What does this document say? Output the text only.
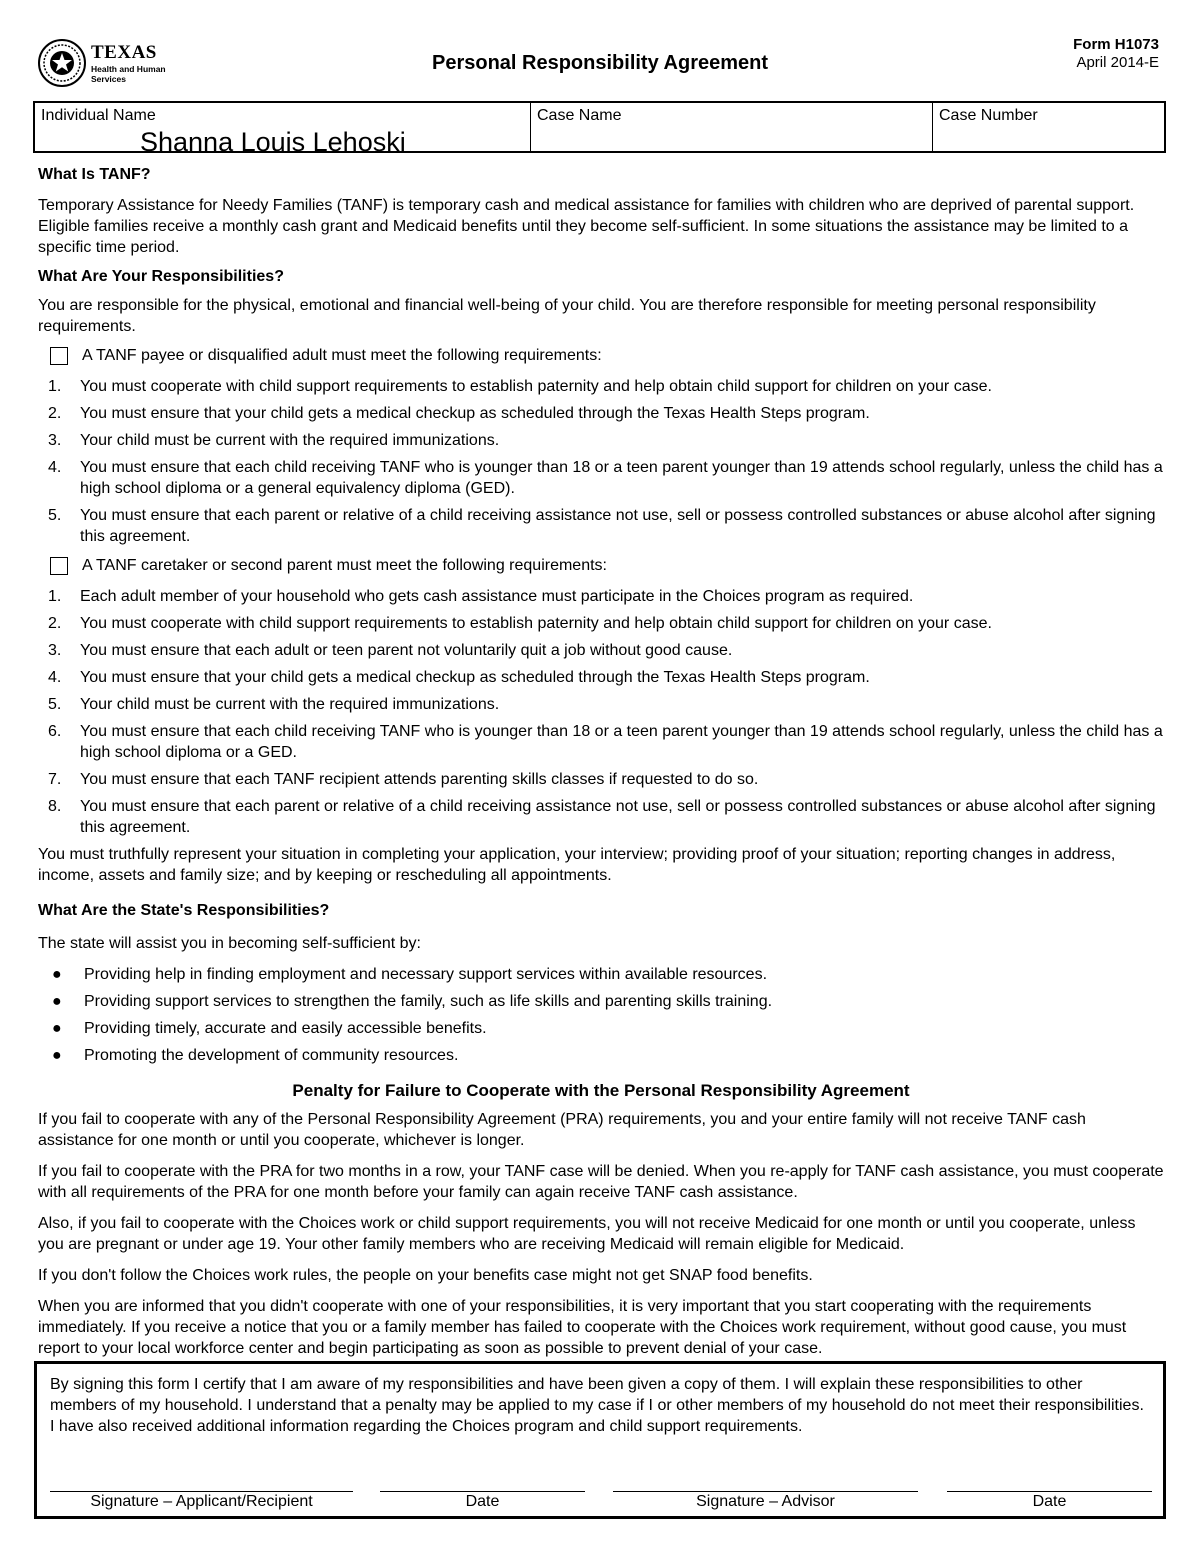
TEXAS
Health and Human Services
Personal Responsibility Agreement
Form H1073
April 2014-E
Individual Name
Shanna Louis Lehoski
Case Name	Case Number

What Is TANF?

Temporary Assistance for Needy Families (TANF) is temporary cash and medical assistance for families with children who are deprived of parental support. Eligible families receive a monthly cash grant and Medicaid benefits until they become self-sufficient. In some situations the assistance may be limited to a specific time period.

What Are Your Responsibilities?

You are responsible for the physical, emotional and financial well-being of your child. You are therefore responsible for meeting personal responsibility requirements.

A TANF payee or disqualified adult must meet the following requirements:
1.	You must cooperate with child support requirements to establish paternity and help obtain child support for children on your case.
2.	You must ensure that your child gets a medical checkup as scheduled through the Texas Health Steps program.
3.	Your child must be current with the required immunizations.
4.	You must ensure that each child receiving TANF who is younger than 18 or a teen parent younger than 19 attends school regularly, unless the child has a high school diploma or a general equivalency diploma (GED).
5.	You must ensure that each parent or relative of a child receiving assistance not use, sell or possess controlled substances or abuse alcohol after signing this agreement.
A TANF caretaker or second parent must meet the following requirements:
1.	Each adult member of your household who gets cash assistance must participate in the Choices program as required.
2.	You must cooperate with child support requirements to establish paternity and help obtain child support for children on your case.
3.	You must ensure that each adult or teen parent not voluntarily quit a job without good cause.
4.	You must ensure that your child gets a medical checkup as scheduled through the Texas Health Steps program.
5.	Your child must be current with the required immunizations.
6.	You must ensure that each child receiving TANF who is younger than 18 or a teen parent younger than 19 attends school regularly, unless the child has a high school diploma or a GED.
7.	You must ensure that each TANF recipient attends parenting skills classes if requested to do so.
8.	You must ensure that each parent or relative of a child receiving assistance not use, sell or possess controlled substances or abuse alcohol after signing this agreement.

You must truthfully represent your situation in completing your application, your interview; providing proof of your situation; reporting changes in address, income, assets and family size; and by keeping or rescheduling all appointments.

What Are the State's Responsibilities?

The state will assist you in becoming self-sufficient by:

●	Providing help in finding employment and necessary support services within available resources.
●	Providing support services to strengthen the family, such as life skills and parenting skills training.
●	Providing timely, accurate and easily accessible benefits.
●	Promoting the development of community resources.

Penalty for Failure to Cooperate with the Personal Responsibility Agreement

If you fail to cooperate with any of the Personal Responsibility Agreement (PRA) requirements, you and your entire family will not receive TANF cash assistance for one month or until you cooperate, whichever is longer.

If you fail to cooperate with the PRA for two months in a row, your TANF case will be denied. When you re-apply for TANF cash assistance, you must cooperate with all requirements of the PRA for one month before your family can again receive TANF cash assistance.

Also, if you fail to cooperate with the Choices work or child support requirements, you will not receive Medicaid for one month or until you cooperate, unless you are pregnant or under age 19. Your other family members who are receiving Medicaid will remain eligible for Medicaid.

If you don't follow the Choices work rules, the people on your benefits case might not get SNAP food benefits.

When you are informed that you didn't cooperate with one of your responsibilities, it is very important that you start cooperating with the requirements immediately. If you receive a notice that you or a family member has failed to cooperate with the Choices work requirement, without good cause, you must report to your local workforce center and begin participating as soon as possible to prevent denial of your case.

By signing this form I certify that I am aware of my responsibilities and have been given a copy of them. I will explain these responsibilities to other members of my household. I understand that a penalty may be applied to my case if I or other members of my household do not meet their responsibilities. I have also received additional information regarding the Choices program and child support requirements.
Signature – Applicant/Recipient	Date	Signature – Advisor	Date
